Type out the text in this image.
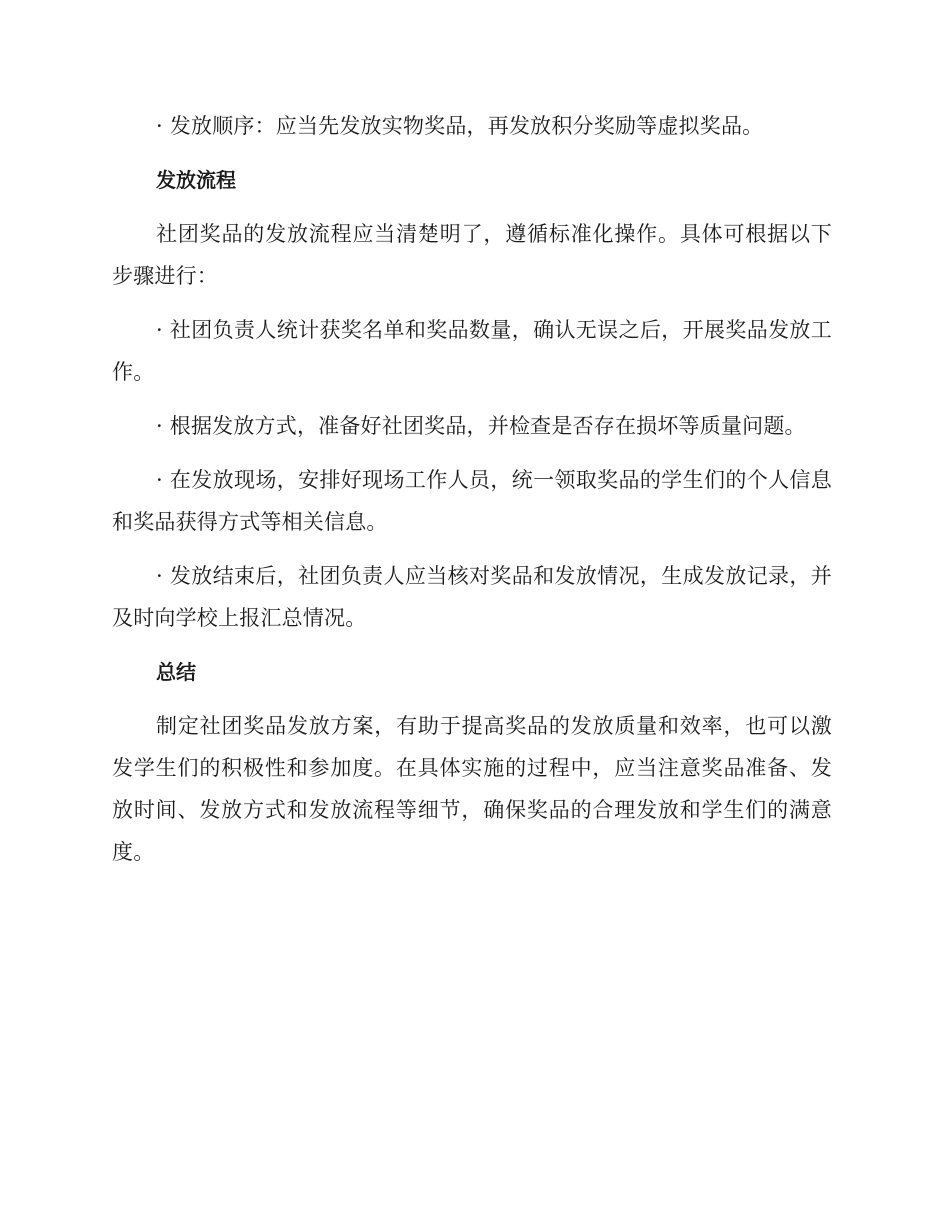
· 发放顺序：应当先发放实物奖品，再发放积分奖励等虚拟奖品。

发放流程

社团奖品的发放流程应当清楚明了，遵循标准化操作。具体可根据以下步骤进行：

· 社团负责人统计获奖名单和奖品数量，确认无误之后，开展奖品发放工作。

· 根据发放方式，准备好社团奖品，并检查是否存在损坏等质量问题。

· 在发放现场，安排好现场工作人员，统一领取奖品的学生们的个人信息和奖品获得方式等相关信息。

· 发放结束后，社团负责人应当核对奖品和发放情况，生成发放记录，并及时向学校上报汇总情况。

总结

制定社团奖品发放方案，有助于提高奖品的发放质量和效率，也可以激发学生们的积极性和参加度。在具体实施的过程中，应当注意奖品准备、发放时间、发放方式和发放流程等细节，确保奖品的合理发放和学生们的满意度。
